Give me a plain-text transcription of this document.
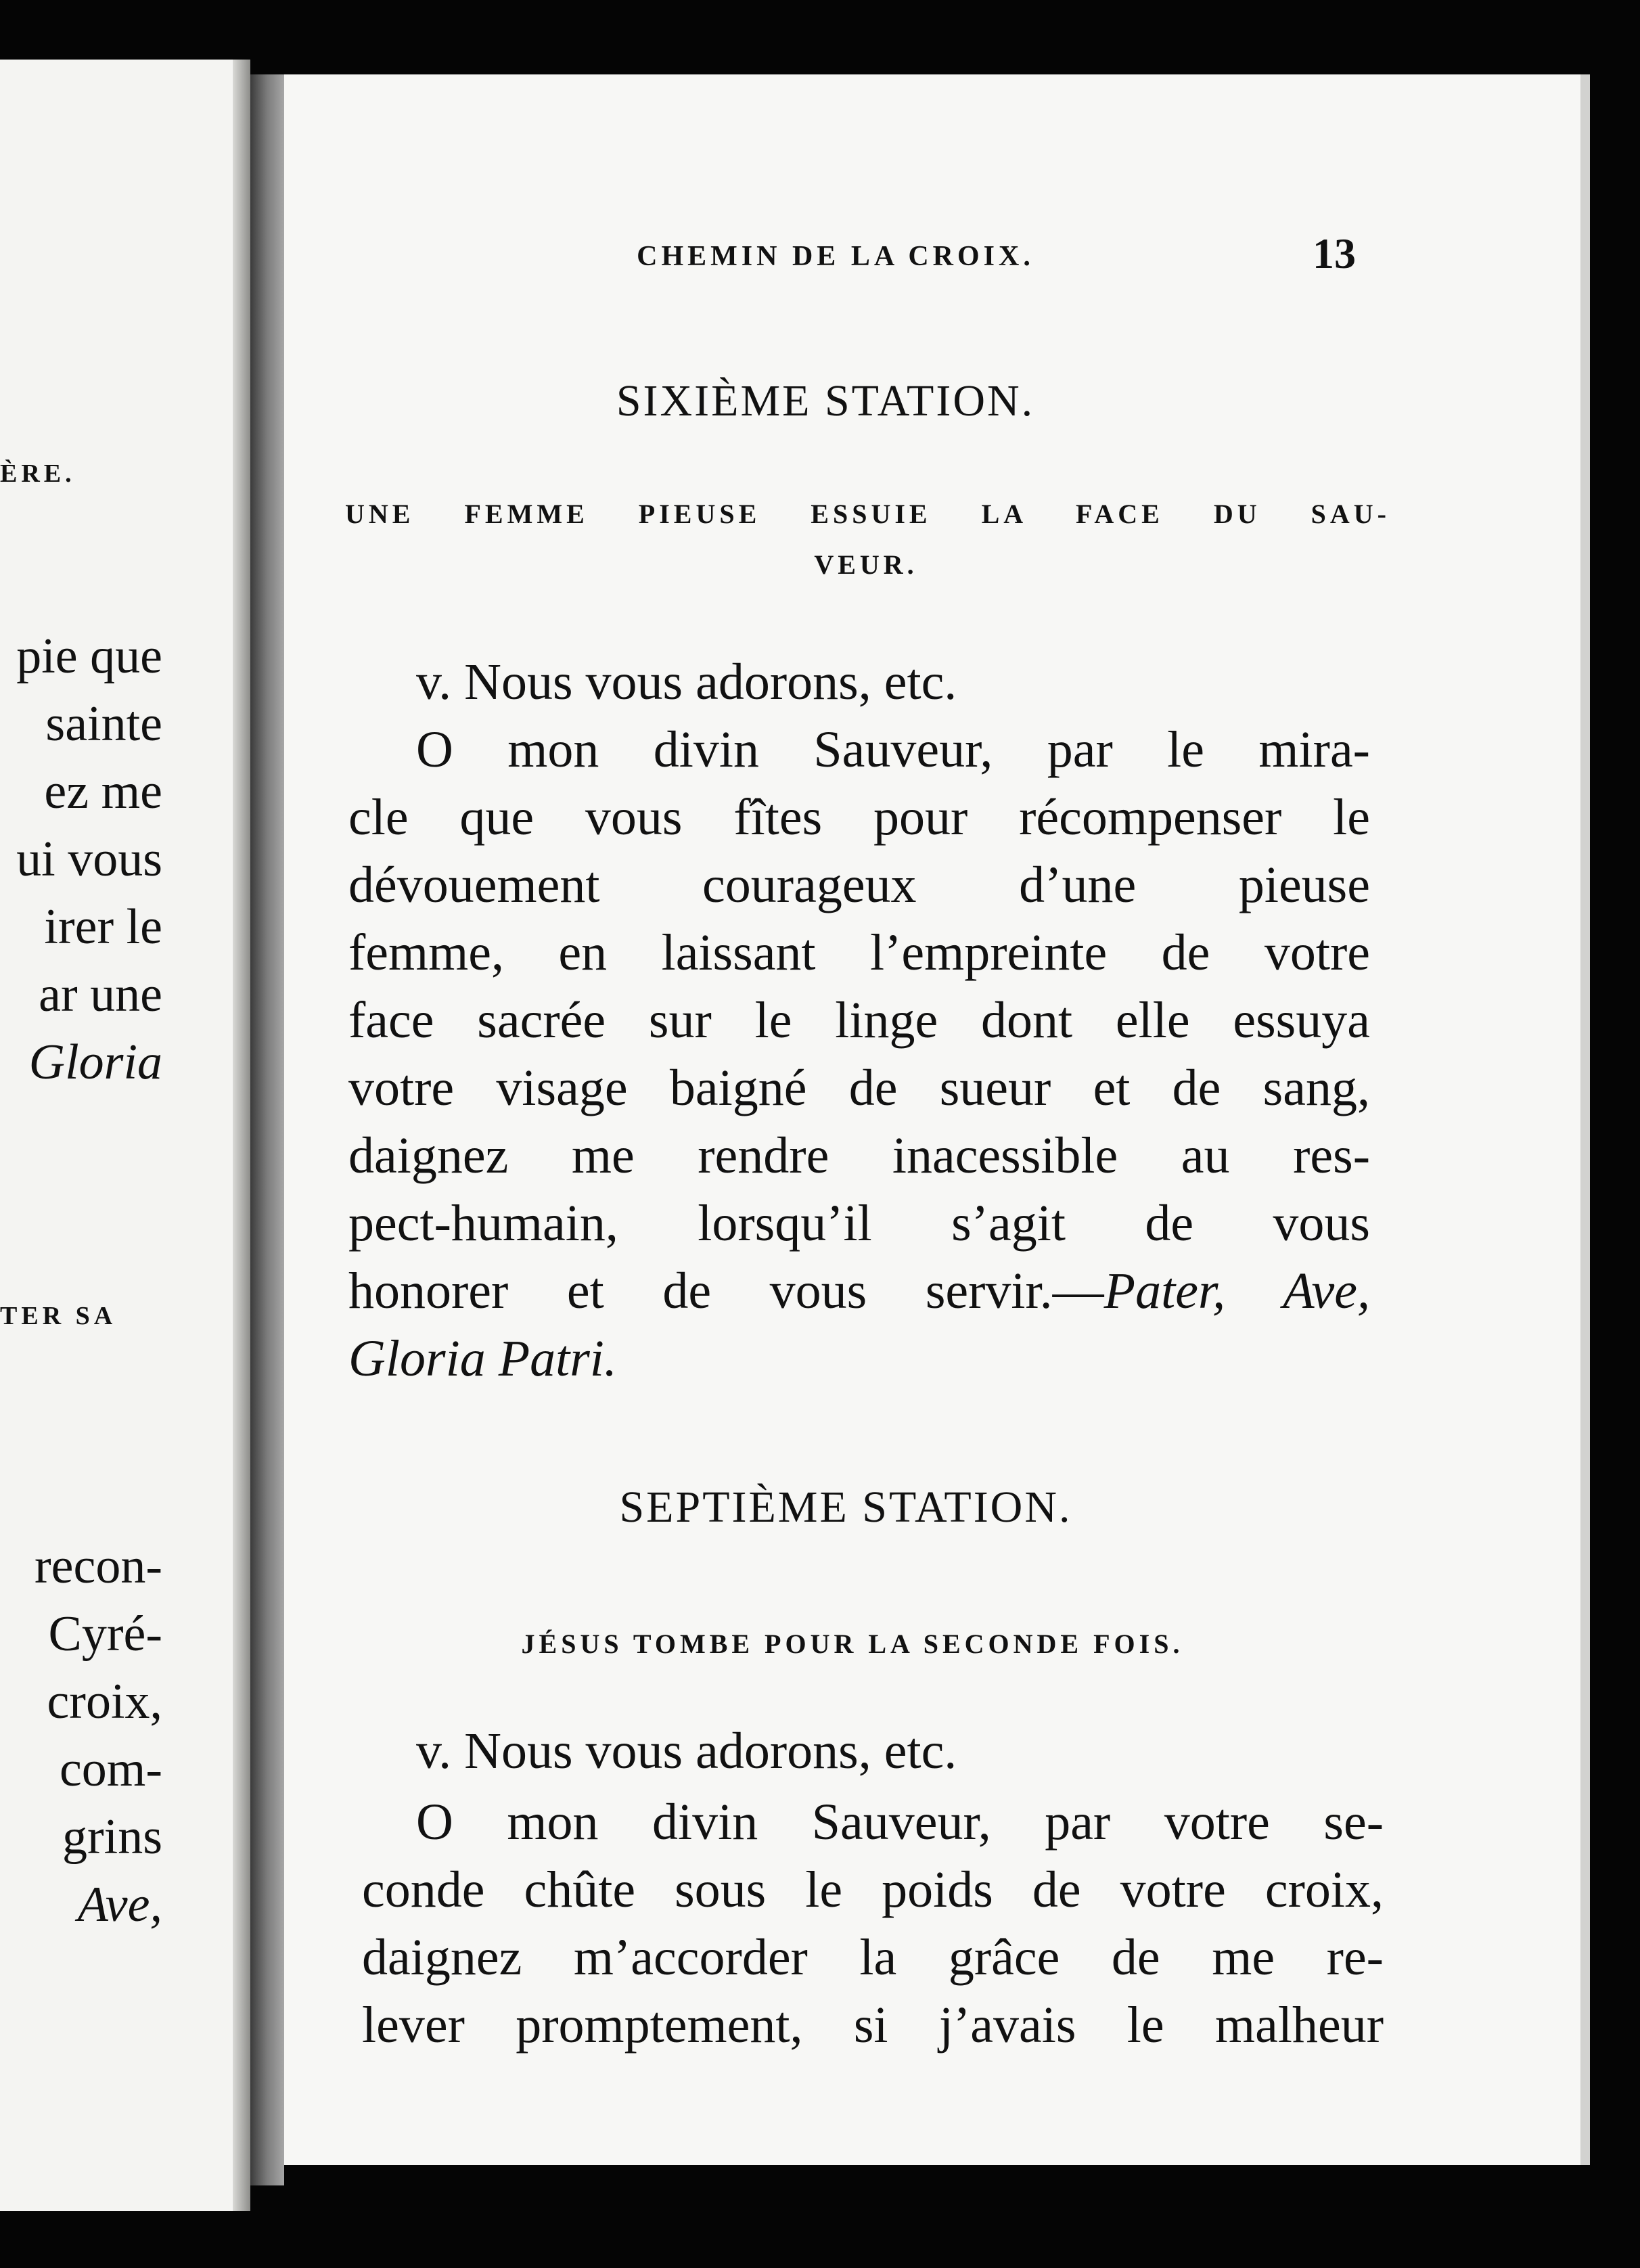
ÈRE.
pie que
sainte
ez me
ui vous
irer le
ar une
Gloria
TER SA
recon-
Cyré-
croix,
com-
grins
Ave,
CHEMIN DE LA CROIX.	13
SIXIÈME STATION.
UNE FEMME PIEUSE ESSUIE LA FACE DU SAU-
VEUR.
v. Nous vous adorons, etc.
O mon divin Sauveur, par le mira-
cle que vous fîtes pour récompenser le
dévouement courageux d’une pieuse
femme, en laissant l’empreinte de votre
face sacrée sur le linge dont elle essuya
votre visage baigné de sueur et de sang,
daignez me rendre inacessible au res-
pect-humain, lorsqu’il s’agit de vous
honorer et de vous servir.—Pater, Ave,
Gloria Patri.
SEPTIÈME STATION.
JÉSUS TOMBE POUR LA SECONDE FOIS.
v. Nous vous adorons, etc.
O mon divin Sauveur, par votre se-
conde chûte sous le poids de votre croix,
daignez m’accorder la grâce de me re-
lever promptement, si j’avais le malheur
